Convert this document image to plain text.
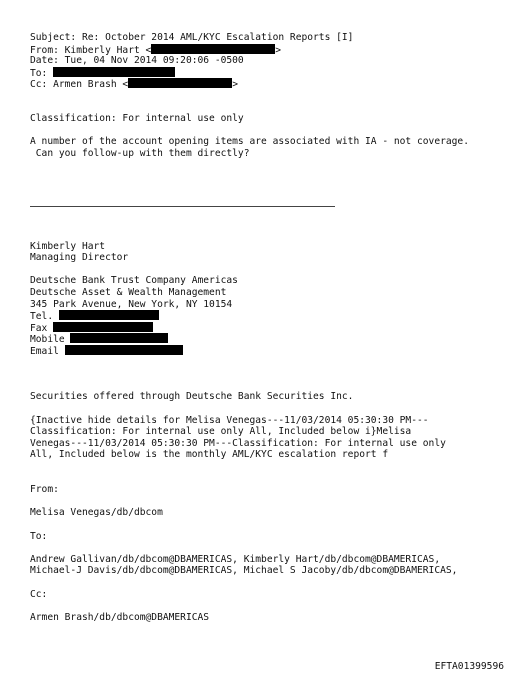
Subject: Re: October 2014 AML/KYC Escalation Reports [I]
From: Kimberly Hart <	>
Date: Tue, 04 Nov 2014 09:20:06 -0500
To:
Cc: Armen Brash <	>
Classification: For internal use only
A number of the account opening items are associated with IA - not coverage.
Can you follow-up with them directly?
Kimberly Hart
Managing Director
Deutsche Bank Trust Company Americas
Deutsche Asset & Wealth Management
345 Park Avenue, New York, NY 10154
Tel.
Fax
Mobile
Email
Securities offered through Deutsche Bank Securities Inc.
{Inactive hide details for Melisa Venegas---11/03/2014 05:30:30 PM---
Classification: For internal use only All, Included below i}Melisa
Venegas---11/03/2014 05:30:30 PM---Classification: For internal use only
All, Included below is the monthly AML/KYC escalation report f
From:
Melisa Venegas/db/dbcom
To:
Andrew Gallivan/db/dbcom@DBAMERICAS, Kimberly Hart/db/dbcom@DBAMERICAS,
Michael-J Davis/db/dbcom@DBAMERICAS, Michael S Jacoby/db/dbcom@DBAMERICAS,
Cc:
Armen Brash/db/dbcom@DBAMERICAS
EFTA01399596
